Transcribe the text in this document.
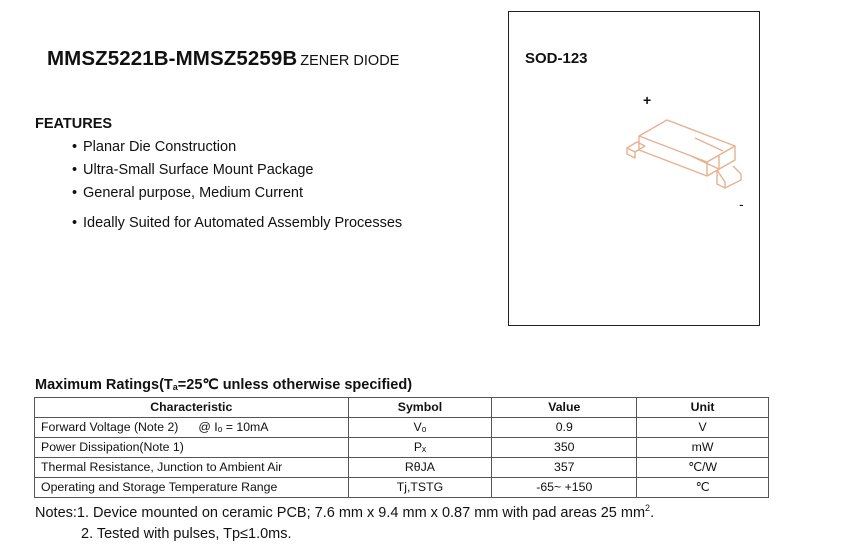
MMSZ5221B-MMSZ5259B ZENER DIODE
FEATURES
• Planar Die Construction
• Ultra-Small Surface Mount Package
• General purpose, Medium Current
• Ideally Suited for Automated Assembly Processes
SOD-123
+
-
Maximum $Ratings(T_a=25℃$ unless otherwise specified)
Characteristic	Symbol	Value	Unit
Forward Voltage (Note 2) @ Iₒ = 10mA	Vₒ	0.9	V
Power Dissipation(Note 1)	Pₓ	350	mW
Thermal Resistance, Junction to Ambient Air	RθJA	357	℃/W
Operating and Storage Temperature Range	Tj,TSTG	-65~ +150	℃
Notes:1. Device mounted on ceramic PCB; 7.6 mm x 9.4 mm x 0.87 mm with pad areas 25 $mm^2$.
2. Tested with pulses, Tp≤1.0ms.
